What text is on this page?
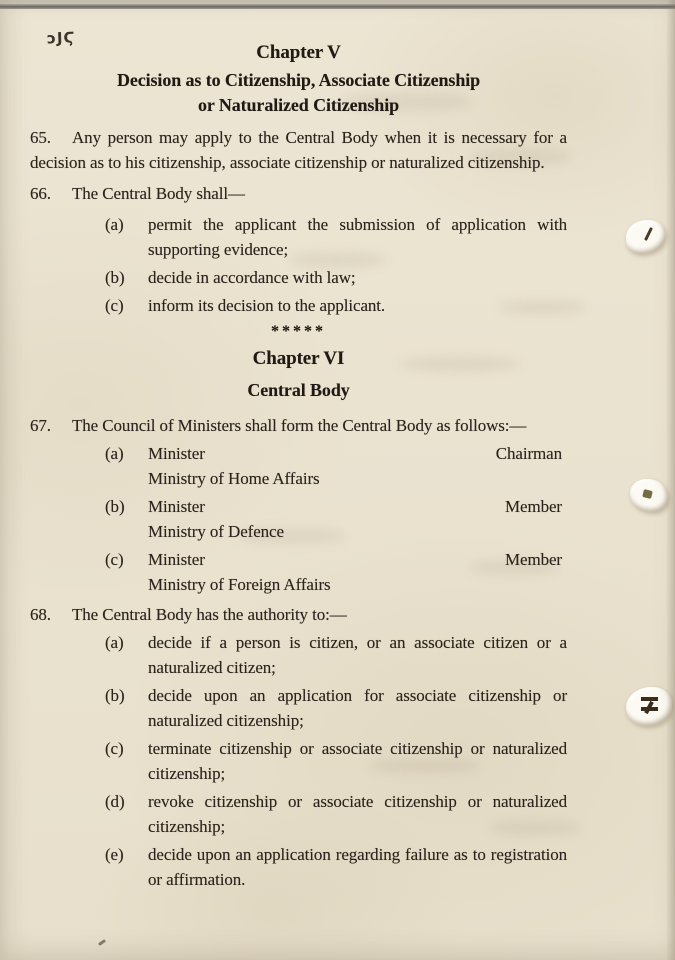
ɔJϚ
Chapter V
Decision as to Citizenship, Associate Citizenship
or Naturalized Citizenship

65. Any person may apply to the Central Body when it is necessary for a decision as to his citizenship, associate citizenship or naturalized citizenship.

66. The Central Body shall—

(a)	permit the applicant the submission of application with supporting evidence;
(b)	decide in accordance with law;
(c)	inform its decision to the applicant.
*****
Chapter VI
Central Body

67. The Council of Ministers shall form the Central Body as follows:—

(a)	Minister	Chairman
Ministry of Home Affairs
(b)	Minister	Member
Ministry of Defence
(c)	Minister	Member
Ministry of Foreign Affairs

68. The Central Body has the authority to:—

(a)	decide if a person is citizen, or an associate citizen or a naturalized citizen;
(b)	decide upon an application for associate citizenship or naturalized citizenship;
(c)	terminate citizenship or associate citizenship or naturalized citizenship;
(d)	revoke citizenship or associate citizenship or naturalized citizenship;
(e)	decide upon an application regarding failure as to registration or affirmation.
